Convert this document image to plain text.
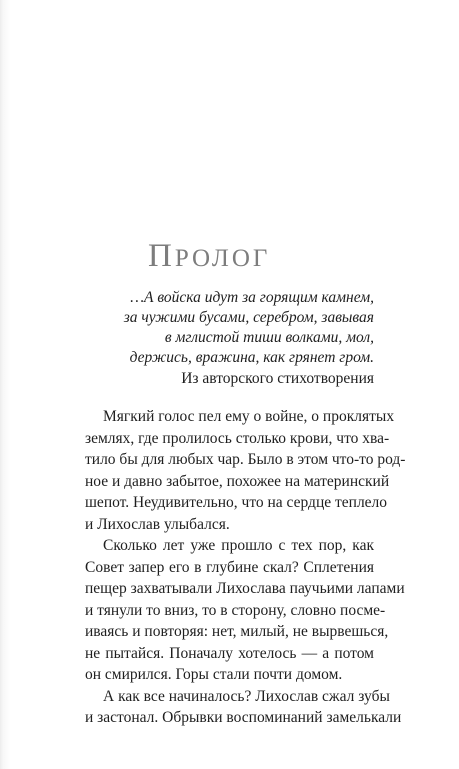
ПРОЛОГ
…А войска идут за горящим камнем,
за чужими бусами, серебром, завывая
в мглистой тиши волками, мол,
держись, вражина, как грянет гром.
Из авторского стихотворения
Мягкий голос пел ему о войне, о проклятых
землях, где пролилось столько крови, что хва-
тило бы для любых чар. Было в этом что-то род-
ное и давно забытое, похожее на материнский
шепот. Неудивительно, что на сердце теплело
и Лихослав улыбался.
Сколько лет уже прошло с тех пор, как
Совет запер его в глубине скал? Сплетения
пещер захватывали Лихослава паучьими лапами
и тянули то вниз, то в сторону, словно посме-
иваясь и повторяя: нет, милый, не вырвешься,
не пытайся. Поначалу хотелось — а потом
он смирился. Горы стали почти домом.
А как все начиналось? Лихослав сжал зубы
и застонал. Обрывки воспоминаний замелькали
